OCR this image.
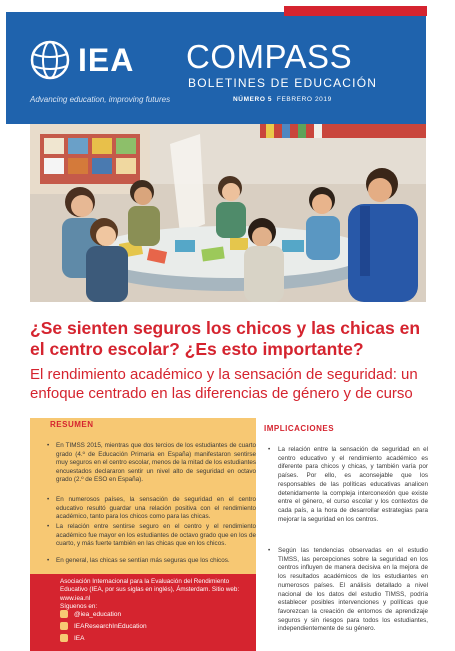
IEA
Advancing education, improving futures
COMPASS
BOLETINES DE EDUCACIÓN
NÚMERO 5 FEBRERO 2019
¿Se sienten seguros los chicos y las chicas en el centro escolar? ¿Es esto importante?
El rendimiento académico y la sensación de seguridad: un enfoque centrado en las diferencias de género y de curso
RESUMEN
• En TIMSS 2015, mientras que dos tercios de los estudiantes de cuarto grado (4.º de Educación Primaria en España) manifestaron sentirse muy seguros en el centro escolar, menos de la mitad de los estudiantes encuestados declararon sentir un nivel alto de seguridad en octavo grado (2.º de ESO en España).
• En numerosos países, la sensación de seguridad en el centro educativo resultó guardar una relación positiva con el rendimiento académico, tanto para los chicos como para las chicas.
• La relación entre sentirse seguro en el centro y el rendimiento académico fue mayor en los estudiantes de octavo grado que en los de cuarto, y más fuerte también en las chicas que en los chicos.
• En general, las chicas se sentían más seguras que los chicos.
Asociación Internacional para la Evaluación del Rendimiento Educativo (IEA, por sus siglas en inglés), Ámsterdam. Sitio web: www.iea.nl
Síguenos en:
@iea_education
IEAResearchInEducation
IEA
IMPLICACIONES
• La relación entre la sensación de seguridad en el centro educativo y el rendimiento académico es diferente para chicos y chicas, y también varía por países. Por ello, es aconsejable que los responsables de las políticas educativas analicen detenidamente la compleja interconexión que existe entre el género, el curso escolar y los contextos de cada país, a la hora de desarrollar estrategias para mejorar la seguridad en los centros.
• Según las tendencias observadas en el estudio TIMSS, las percepciones sobre la seguridad en los centros influyen de manera decisiva en la mejora de los resultados académicos de los estudiantes en numerosos países. El análisis detallado a nivel nacional de los datos del estudio TIMSS, podría establecer posibles intervenciones y políticas que favorezcan la creación de entornos de aprendizaje seguros y sin riesgos para todos los estudiantes, independientemente de su género.
